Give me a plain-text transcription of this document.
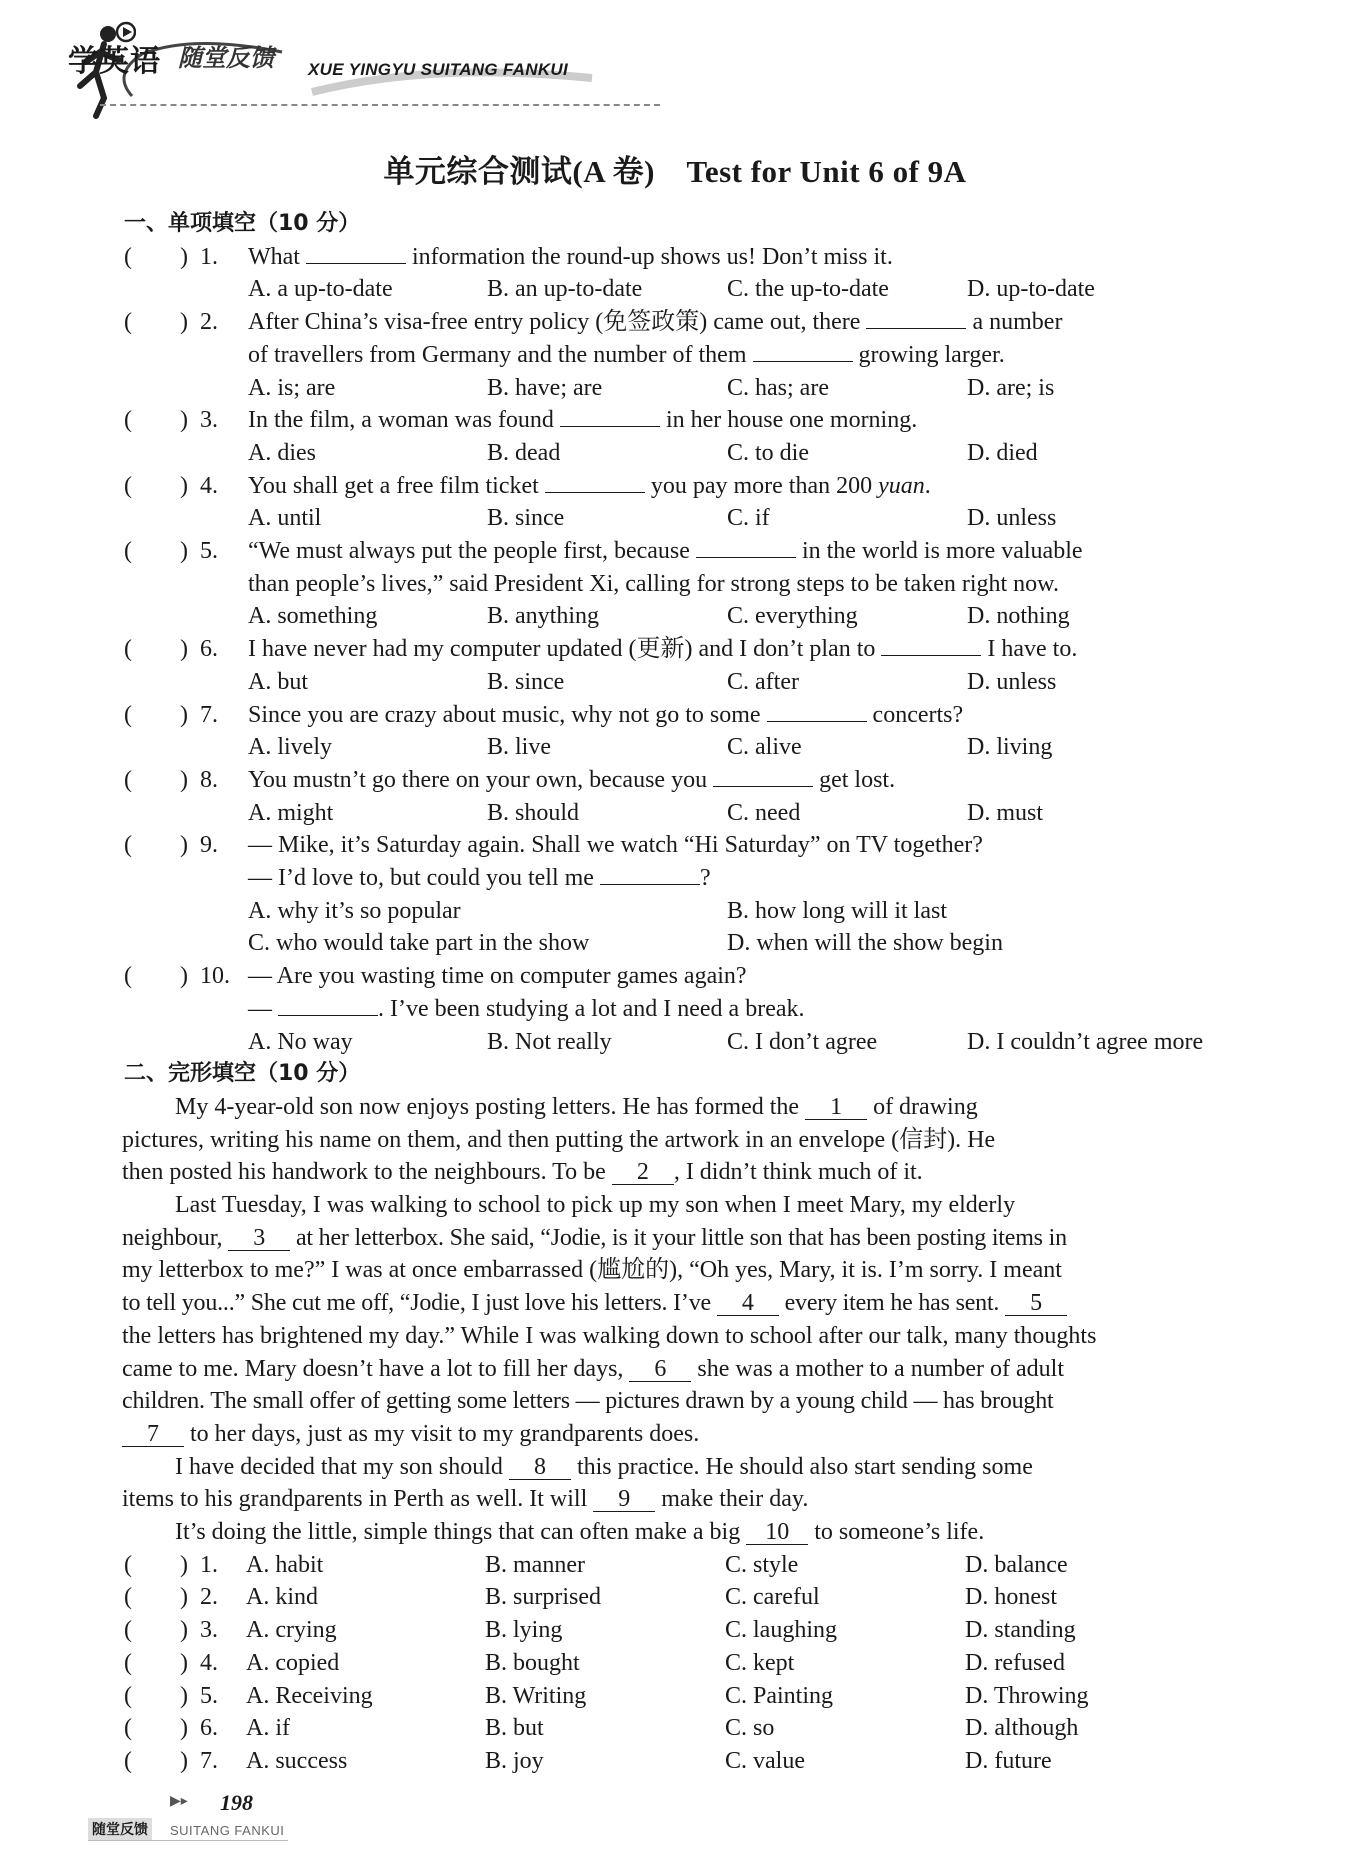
学英语 随堂反馈 XUE YINGYU SUITANG FANKUI
单元综合测试(A 卷)　Test for Unit 6 of 9A
一、单项填空（10 分）
(　　) 1. What	information the round-up shows us! Don’t miss it.
A. a up-to-date	B. an up-to-date	C. the up-to-date	D. up-to-date
(　　) 2. After China’s visa-free entry policy (免签政策) came out, there	a number
of travellers from Germany and the number of them	growing larger.
A. is; are	B. have; are	C. has; are	D. are; is
(　　) 3. In the film, a woman was found	in her house one morning.
A. dies	B. dead	C. to die	D. died
(　　) 4. You shall get a free film ticket	you pay more than 200 yuan.
A. until	B. since	C. if	D. unless
(　　) 5. “We must always put the people first, because	in the world is more valuable
than people’s lives,” said President Xi, calling for strong steps to be taken right now.
A. something	B. anything	C. everything	D. nothing
(　　) 6. I have never had my computer updated (更新) and I don’t plan to	I have to.
A. but	B. since	C. after	D. unless
(　　) 7. Since you are crazy about music, why not go to some	concerts?
A. lively	B. live	C. alive	D. living
(　　) 8. You mustn’t go there on your own, because you	get lost.
A. might	B. should	C. need	D. must
(　　) 9. — Mike, it’s Saturday again. Shall we watch “Hi Saturday” on TV together?
— I’d love to, but could you tell me	?
A. why it’s so popular	B. how long will it last
C. who would take part in the show	D. when will the show begin
(　　) 10. — Are you wasting time on computer games again?
—	. I’ve been studying a lot and I need a break.
A. No way	B. Not really	C. I don’t agree	D. I couldn’t agree more
二、完形填空（10 分）
My 4-year-old son now enjoys posting letters. He has formed the 1 of drawing
pictures, writing his name on them, and then putting the artwork in an envelope (信封). He
then posted his handwork to the neighbours. To be 2 , I didn’t think much of it.
Last Tuesday, I was walking to school to pick up my son when I meet Mary, my elderly
neighbour, 3 at her letterbox. She said, “Jodie, is it your little son that has been posting items in
my letterbox to me?” I was at once embarrassed (尴尬的), “Oh yes, Mary, it is. I’m sorry. I meant
to tell you...” She cut me off, “Jodie, I just love his letters. I’ve 4 every item he has sent. 5
the letters has brightened my day.” While I was walking down to school after our talk, many thoughts
came to me. Mary doesn’t have a lot to fill her days, 6 she was a mother to a number of adult
children. The small offer of getting some letters — pictures drawn by a young child — has brought
7 to her days, just as my visit to my grandparents does.
I have decided that my son should 8 this practice. He should also start sending some
items to his grandparents in Perth as well. It will 9 make their day.
It’s doing the little, simple things that can often make a big 10 to someone’s life.
(　　) 1. A. habit	B. manner	C. style	D. balance
(　　) 2. A. kind	B. surprised	C. careful	D. honest
(　　) 3. A. crying	B. lying	C. laughing	D. standing
(　　) 4. A. copied	B. bought	C. kept	D. refused
(　　) 5. A. Receiving	B. Writing	C. Painting	D. Throwing
(　　) 6. A. if	B. but	C. so	D. although
(　　) 7. A. success	B. joy	C. value	D. future
▶▸ 198
随堂反馈	SUITANG FANKUI
